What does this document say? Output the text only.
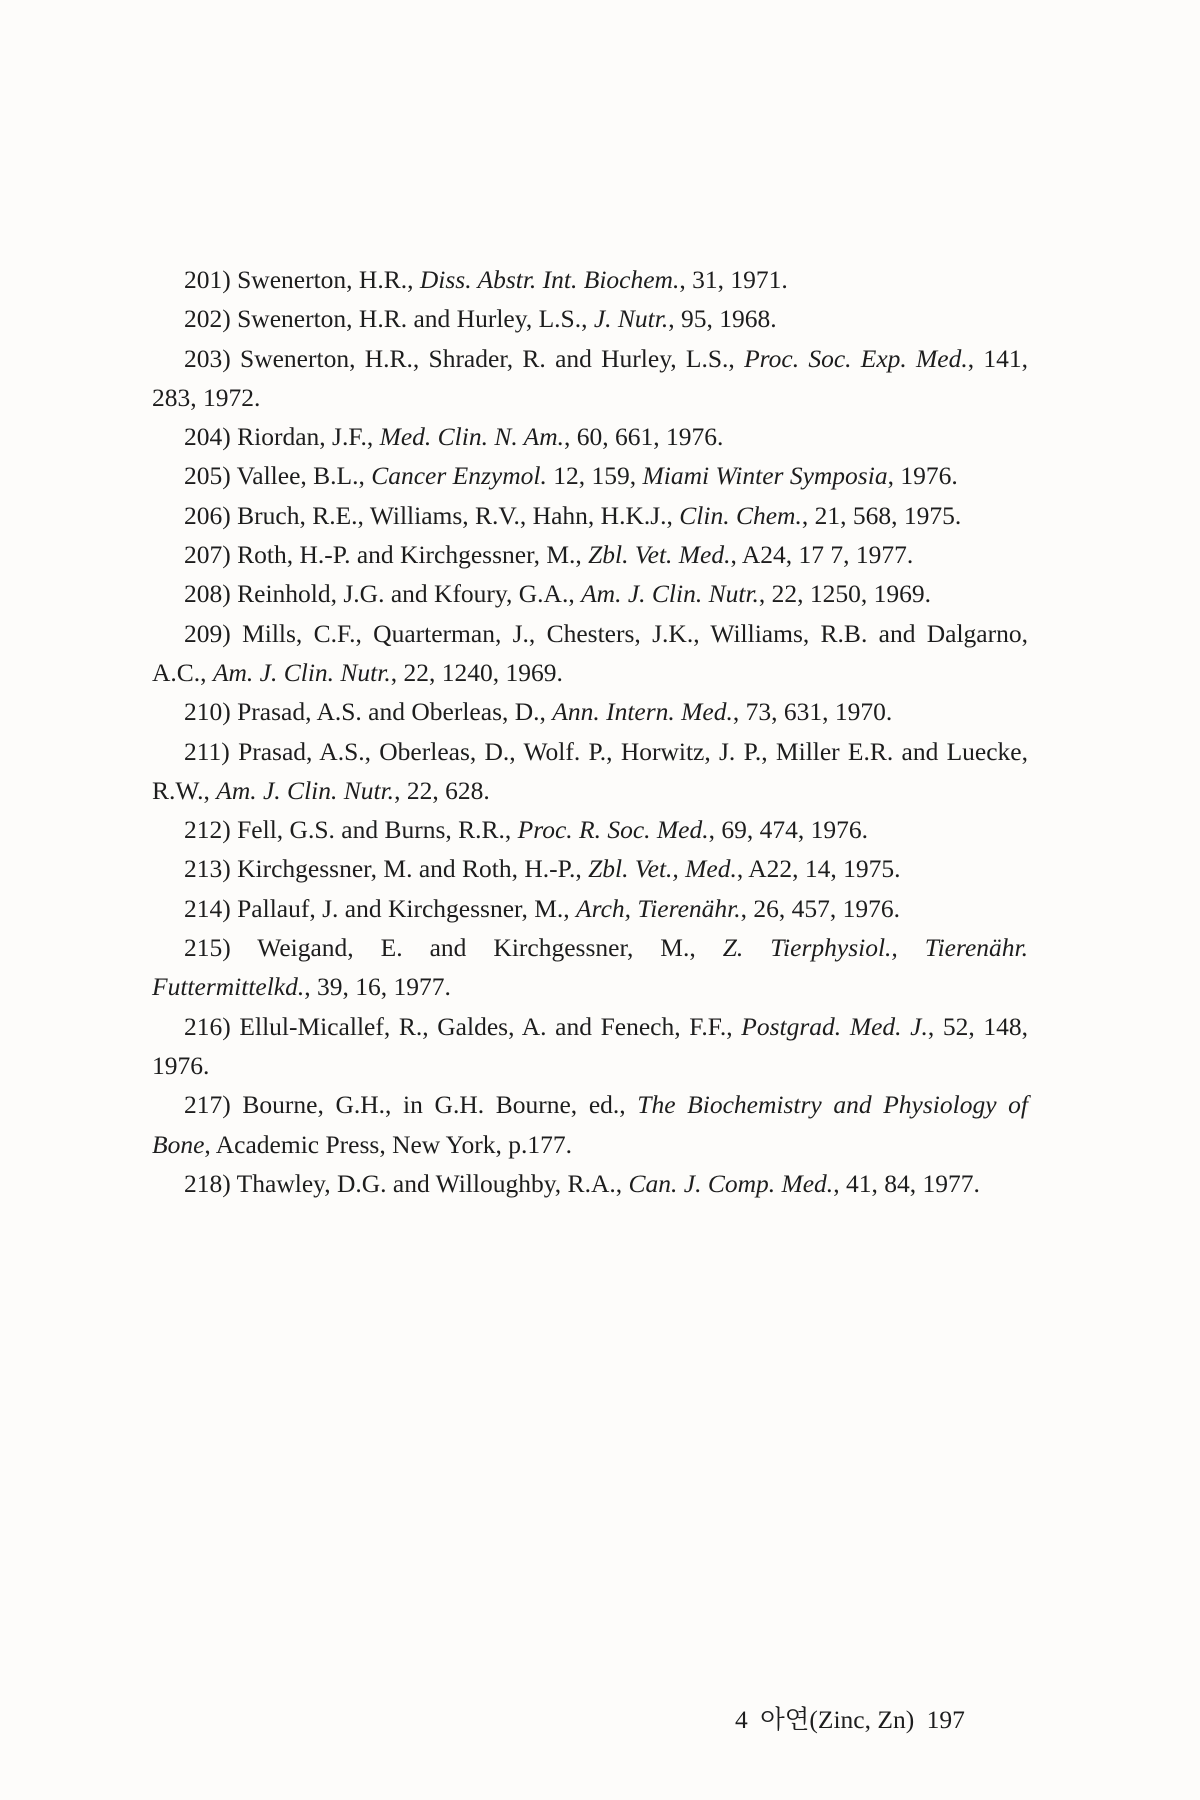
201) Swenerton, H.R., Diss. Abstr. Int. Biochem., 31, 1971.

202) Swenerton, H.R. and Hurley, L.S., J. Nutr., 95, 1968.

203) Swenerton, H.R., Shrader, R. and Hurley, L.S., Proc. Soc. Exp. Med., 141, 283, 1972.

204) Riordan, J.F., Med. Clin. N. Am., 60, 661, 1976.

205) Vallee, B.L., Cancer Enzymol. 12, 159, Miami Winter Symposia, 1976.

206) Bruch, R.E., Williams, R.V., Hahn, H.K.J., Clin. Chem., 21, 568, 1975.

207) Roth, H.-P. and Kirchgessner, M., Zbl. Vet. Med., A24, 17 7, 1977.

208) Reinhold, J.G. and Kfoury, G.A., Am. J. Clin. Nutr., 22, 1250, 1969.

209) Mills, C.F., Quarterman, J., Chesters, J.K., Williams, R.B. and Dalgarno, A.C., Am. J. Clin. Nutr., 22, 1240, 1969.

210) Prasad, A.S. and Oberleas, D., Ann. Intern. Med., 73, 631, 1970.

211) Prasad, A.S., Oberleas, D., Wolf. P., Horwitz, J. P., Miller E.R. and Luecke, R.W., Am. J. Clin. Nutr., 22, 628.

212) Fell, G.S. and Burns, R.R., Proc. R. Soc. Med., 69, 474, 1976.

213) Kirchgessner, M. and Roth, H.-P., Zbl. Vet., Med., A22, 14, 1975.

214) Pallauf, J. and Kirchgessner, M., Arch, Tierenähr., 26, 457, 1976.

215) Weigand, E. and Kirchgessner, M., Z. Tierphysiol., Tierenähr. Futtermittelkd., 39, 16, 1977.

216) Ellul-Micallef, R., Galdes, A. and Fenech, F.F., Postgrad. Med. J., 52, 148, 1976.

217) Bourne, G.H., in G.H. Bourne, ed., The Biochemistry and Physiology of Bone, Academic Press, New York, p.177.

218) Thawley, D.G. and Willoughby, R.A., Can. J. Comp. Med., 41, 84, 1977.

4 아연(Zinc, Zn) 197
